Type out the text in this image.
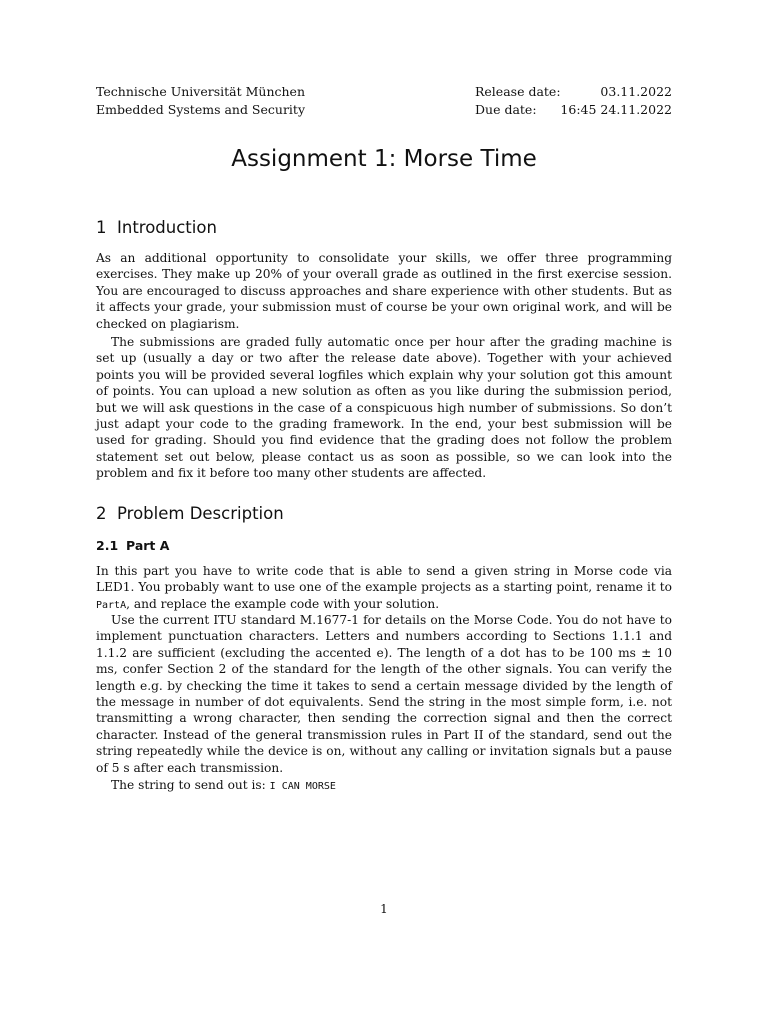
Technische Universität München
Embedded Systems and Security
Release date:	03.11.2022
Due date: 16:45 24.11.2022
Assignment 1: Morse Time
1 Introduction

As an additional opportunity to consolidate your skills, we offer three programming exercises. They make up 20% of your overall grade as outlined in the first exercise session. You are encouraged to discuss approaches and share experience with other students. But as it affects your grade, your submission must of course be your own original work, and will be checked on plagiarism.

The submissions are graded fully automatic once per hour after the grading machine is set up (usually a day or two after the release date above). Together with your achieved points you will be provided several logfiles which explain why your solution got this amount of points. You can upload a new solution as often as you like during the submission period, but we will ask questions in the case of a conspicuous high number of submissions. So don’t just adapt your code to the grading framework. In the end, your best submission will be used for grading. Should you find evidence that the grading does not follow the problem statement set out below, please contact us as soon as possible, so we can look into the problem and fix it before too many other students are affected.

2 Problem Description
2.1 Part A

In this part you have to write code that is able to send a given string in Morse code via LED1. You probably want to use one of the example projects as a starting point, rename it to PartA, and replace the example code with your solution.

Use the current ITU standard M.1677-1 for details on the Morse Code. You do not have to implement punctuation characters. Letters and numbers according to Sections 1.1.1 and 1.1.2 are sufficient (excluding the accented e). The length of a dot has to be 100 ms ± 10 ms, confer Section 2 of the standard for the length of the other signals. You can verify the length e.g. by checking the time it takes to send a certain message divided by the length of the message in number of dot equivalents. Send the string in the most simple form, i.e. not transmitting a wrong character, then sending the correction signal and then the correct character. Instead of the general transmission rules in Part II of the standard, send out the string repeatedly while the device is on, without any calling or invitation signals but a pause of 5 s after each transmission.

The string to send out is: I CAN MORSE

1
